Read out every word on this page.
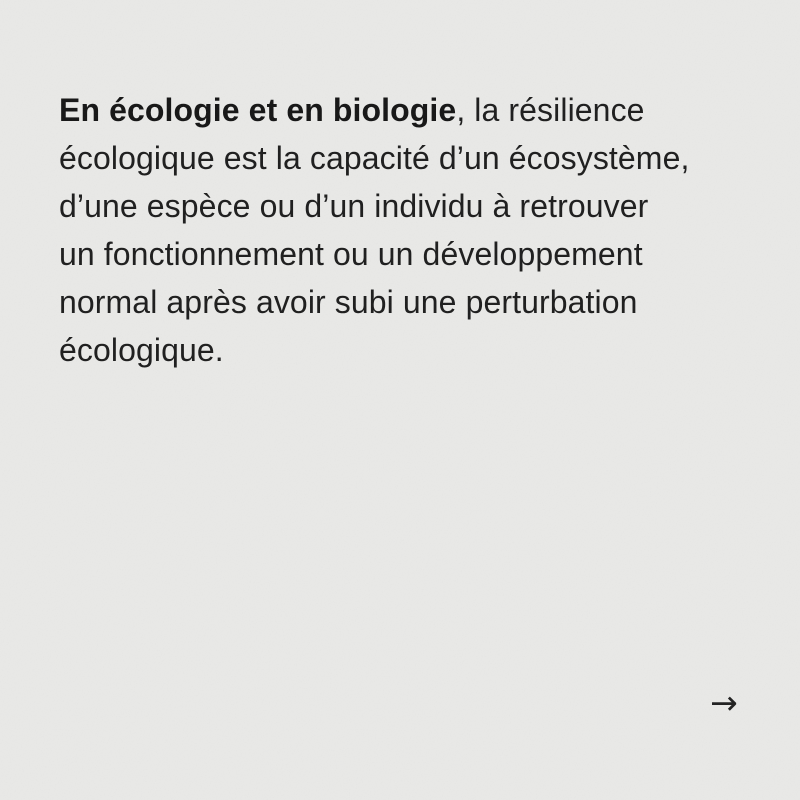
En écologie et en biologie, la résilience
écologique est la capacité d’un écosystème,
d’une espèce ou d’un individu à retrouver
un fonctionnement ou un développement
normal après avoir subi une perturbation
écologique.

→
